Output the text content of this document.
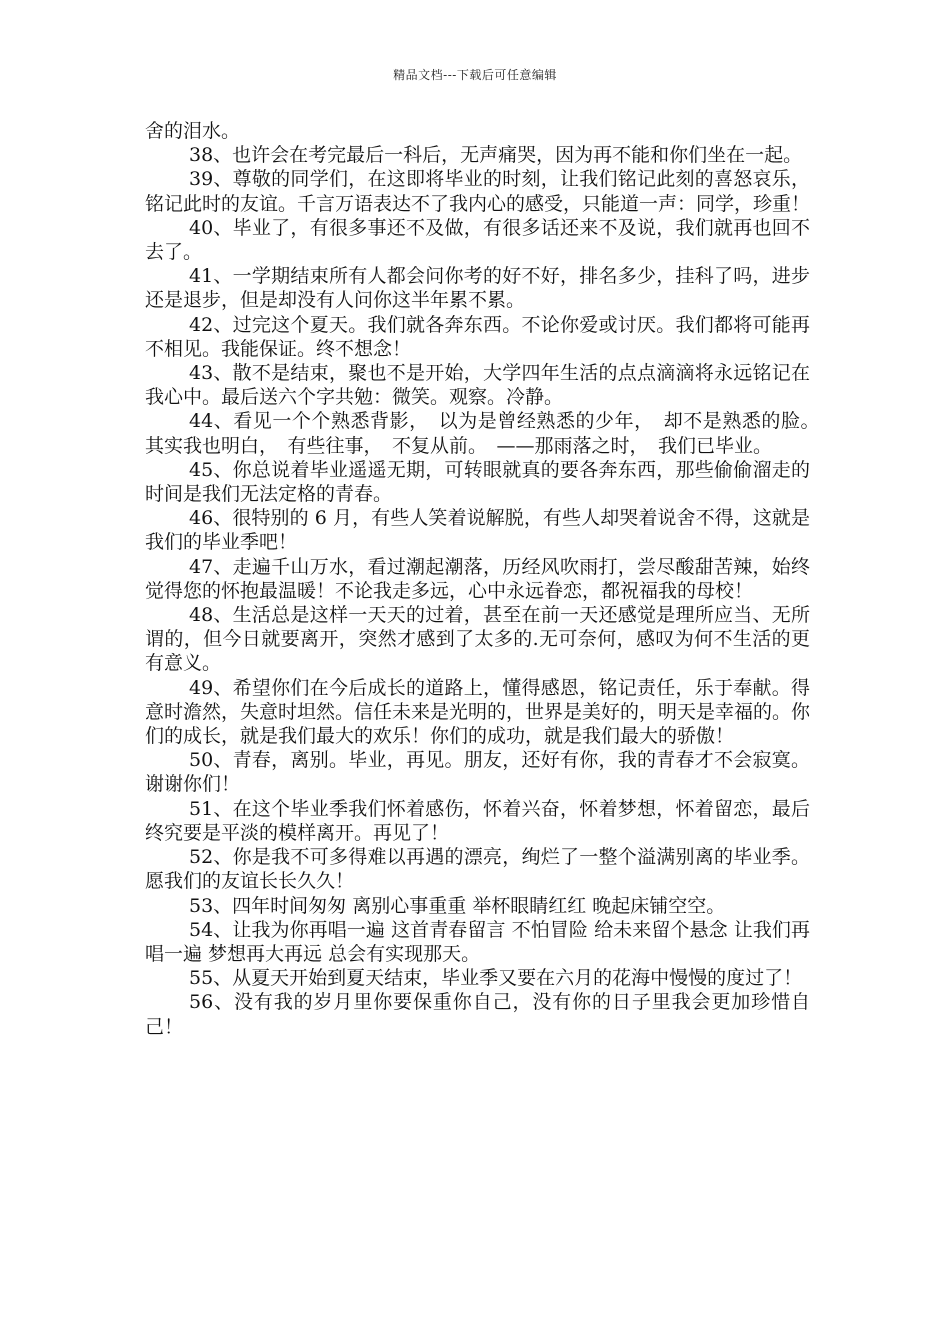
精品文档---下载后可任意编辑

舍的泪水。

38、也许会在考完最后一科后，无声痛哭，因为再不能和你们坐在一起。

39、尊敬的同学们，在这即将毕业的时刻，让我们铭记此刻的喜怒哀乐，铭记此时的友谊。千言万语表达不了我内心的感受，只能道一声：同学，珍重！

40、毕业了，有很多事还不及做，有很多话还来不及说，我们就再也回不去了。

41、一学期结束所有人都会问你考的好不好，排名多少，挂科了吗，进步还是退步，但是却没有人问你这半年累不累。

42、过完这个夏天。我们就各奔东西。不论你爱或讨厌。我们都将可能再不相见。我能保证。终不想念！

43、散不是结束，聚也不是开始，大学四年生活的点点滴滴将永远铭记在我心中。最后送六个字共勉：微笑。观察。冷静。

44、看见一个个熟悉背影，　以为是曾经熟悉的少年，　却不是熟悉的脸。　其实我也明白，　有些往事，　不复从前。　——那雨落之时，　我们已毕业。

45、你总说着毕业遥遥无期，可转眼就真的要各奔东西，那些偷偷溜走的时间是我们无法定格的青春。

46、很特别的 6 月，有些人笑着说解脱，有些人却哭着说舍不得，这就是我们的毕业季吧！

47、走遍千山万水，看过潮起潮落，历经风吹雨打，尝尽酸甜苦辣，始终觉得您的怀抱最温暖！不论我走多远，心中永远眷恋，都祝福我的母校！

48、生活总是这样一天天的过着，甚至在前一天还感觉是理所应当、无所谓的，但今日就要离开，突然才感到了太多的.无可奈何，感叹为何不生活的更有意义。

49、希望你们在今后成长的道路上，懂得感恩，铭记责任，乐于奉献。得意时澹然，失意时坦然。信任未来是光明的，世界是美好的，明天是幸福的。你们的成长，就是我们最大的欢乐！你们的成功，就是我们最大的骄傲！

50、青春，离别。毕业，再见。朋友，还好有你，我的青春才不会寂寞。谢谢你们！

51、在这个毕业季我们怀着感伤，怀着兴奋，怀着梦想，怀着留恋，最后终究要是平淡的模样离开。再见了！

52、你是我不可多得难以再遇的漂亮，绚烂了一整个溢满别离的毕业季。愿我们的友谊长长久久！

53、四年时间匆匆 离别心事重重 举杯眼睛红红 晚起床铺空空。

54、让我为你再唱一遍 这首青春留言 不怕冒险 给未来留个悬念 让我们再唱一遍 梦想再大再远 总会有实现那天。

55、从夏天开始到夏天结束，毕业季又要在六月的花海中慢慢的度过了！

56、没有我的岁月里你要保重你自己，没有你的日子里我会更加珍惜自己！
